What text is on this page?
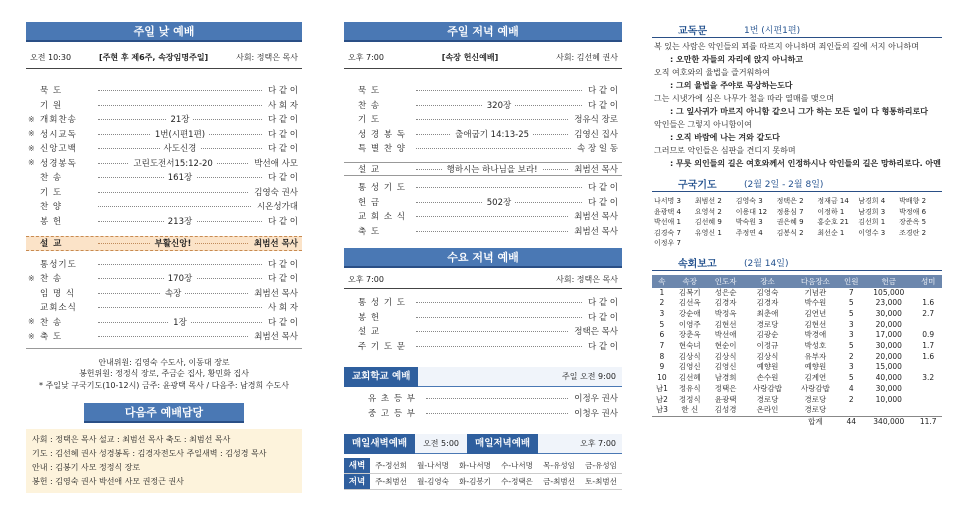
주일 낮 예배
오전 10:30	[주현 후 제6주, 속장임명주일]	사회: 정택은 목사
묵 도	다 같 이
기 원	사 회 자
※ 개회찬송	21장	다 같 이
※ 성시교독	1번(시편1편)	다 같 이
※ 신앙고백	사도신경	다 같 이
※ 성경봉독	고린도전서15:12-20	박선애 사모
찬 송	161장	다 같 이
기 도	김영숙 권사
찬 양	시온성가대
봉 헌	213장	다 같 이
설 교	부활신앙!	최범선 목사
통성기도	다 같 이
※ 찬 송	170장	다 같 이
임 명 식	속장	최범선 목사
교회소식	사 회 자
※ 찬 송	1장	다 같 이
※ 축 도	최범선 목사
안내위원: 김영숙 수도사, 이동대 장로
봉헌위원: 정정식 장로, 주금순 집사, 황민화 집사
* 주일낮 구국기도(10-12시) 금주: 윤광택 목사 / 다음주: 남경희 수도사
다음주 예배담당
사회 : 정택은 목사 설교 : 최범선 목사 축도 : 최범선 목사
기도 : 김선혜 권사 성경봉독 : 김경자전도사 주일새벽 : 김성경 목사
안내 : 김봉기 사모 정정식 장로
봉헌 : 김영숙 권사 박선애 사모 권정근 권사
주일 저녁 예배
오후 7:00	[속장 헌신예배]	사회: 김선혜 권사
묵 도	다 같 이
찬 송	320장	다 같 이
기 도	정유식 장로
성 경 봉 독	출애굽기 14:13-25	김영신 집사
특 별 찬 양	속 장 일 동
설 교	행하시는 하나님을 보라!	최범선 목사
통 성 기 도	다 같 이
헌 금	502장	다 같 이
교 회 소 식	최범선 목사
축 도	최범선 목사
수요 저녁 예배
오후 7:00	사회: 정택은 목사
통 성 기 도	다 같 이
봉 헌	다 같 이
설 교	정택은 목사
주 기 도 문	다 같 이
교회학교 예배	주일 오전 9:00
유 초 등 부	이정우 권사
중 고 등 부	이청우 권사
매일새벽예배	오전 5:00	매일저녁예배	오후 7:00
새벽	주-정선희	월-나서명	화-나서명	수-나서명	목-유성임	금-유성임
저녁	주-최범선	월-김영숙	화-김봉기	수-정택은	금-최범선	토-최범선
교독문	1번 (시편1편)
복 있는 사람은 악인들의 꾀를 따르지 아니하며 죄인들의 길에 서지 아니하며
: 오만한 자들의 자리에 앉지 아니하고
오직 여호와의 율법을 즐거워하여
: 그의 율법을 주야로 묵상하는도다
그는 시냇가에 심은 나무가 철을 따라 열매를 맺으며
: 그 잎사귀가 마르지 아니함 같으니 그가 하는 모든 일이 다 형통하리로다
악인들은 그렇지 아니함이여
: 오직 바람에 나는 겨와 같도다
그러므로 악인들은 심판을 견디지 못하며
: 무릇 의인들의 길은 여호와께서 인정하시나 악인들의 길은 망하리로다. 아멘
구국기도	(2월 2일 - 2월 8일)
나서명 3	최범선 2	김영숙 3	정택은 2	정재금 14	남경희 4	박배향 2
윤광택 4	요영석 2	이용대 12	정용심 7	이정하 1	남경희 3	박정애 6
박선애 1	김선혜 9	박숙원 3	권은혜 9	홍순호 21	김선희 1	장준옥 5
김경숙 7	유영신 1	주정연 4	김봉식 2	최선순 1	이영수 3	조경란 2
이정우 7
속회보고	(2월 14일)
속	속장	인도자	장소	다음장소	인원	헌금	성미
1	김복기	성은순	김영숙	기념관	7	105,000	
2	김선옥	김경자	김경자	박수원	5	23,000	1.6
3	강순애	박정옥	최춘애	김연년	5	30,000	2.7
5	이영주	김현선	경로당	김현선	3	20,000	
6	장춘옥	박선애	김광순	박경애	3	17,000	0.9
7	현숙녀	현순이	이정규	박성호	5	30,000	1.7
8	김상식	김상식	김상식	유부자	2	20,000	1.6
9	김영신	김영신	예향원	예향원	3	15,000	
10	김선혜	남경희	손수원	김계연	5	40,000	3.2
남1	정유식	정택은	사랑감밥	사랑감밥	4	30,000	
남2	정정식	윤광택	경로당	경로당	2	10,000	
남3	한 신	김성경	온라인	경로당			
				합계	44	340,000	11.7
